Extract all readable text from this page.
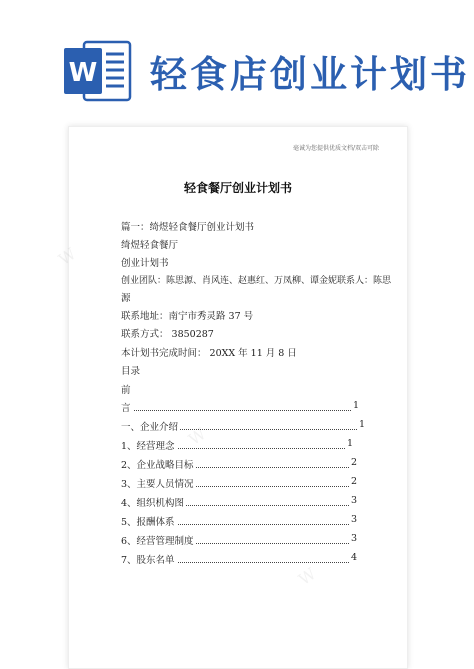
W 轻食店创业计划书
W
W
W
毫诚为您提供优质文档/双击可除
轻食餐厅创业计划书
篇一：绮煜轻食餐厅创业计划书
绮煜轻食餐厅
创业计划书
创业团队：陈思源、肖风连、赵惠红、万凤柳、谭金妮联系人：陈思
源
联系地址：南宁市秀灵路 37 号
联系方式： 3850287
本计划书完成时间： 20XX 年 11 月 8 日
目录
前
言	1
一、企业介绍	1
1、经营理念	1
2、企业战略目标	2
3、主要人员情况	2
4、组织机构图	3
5、报酬体系	3
6、经营管理制度	3
7、股东名单	4
